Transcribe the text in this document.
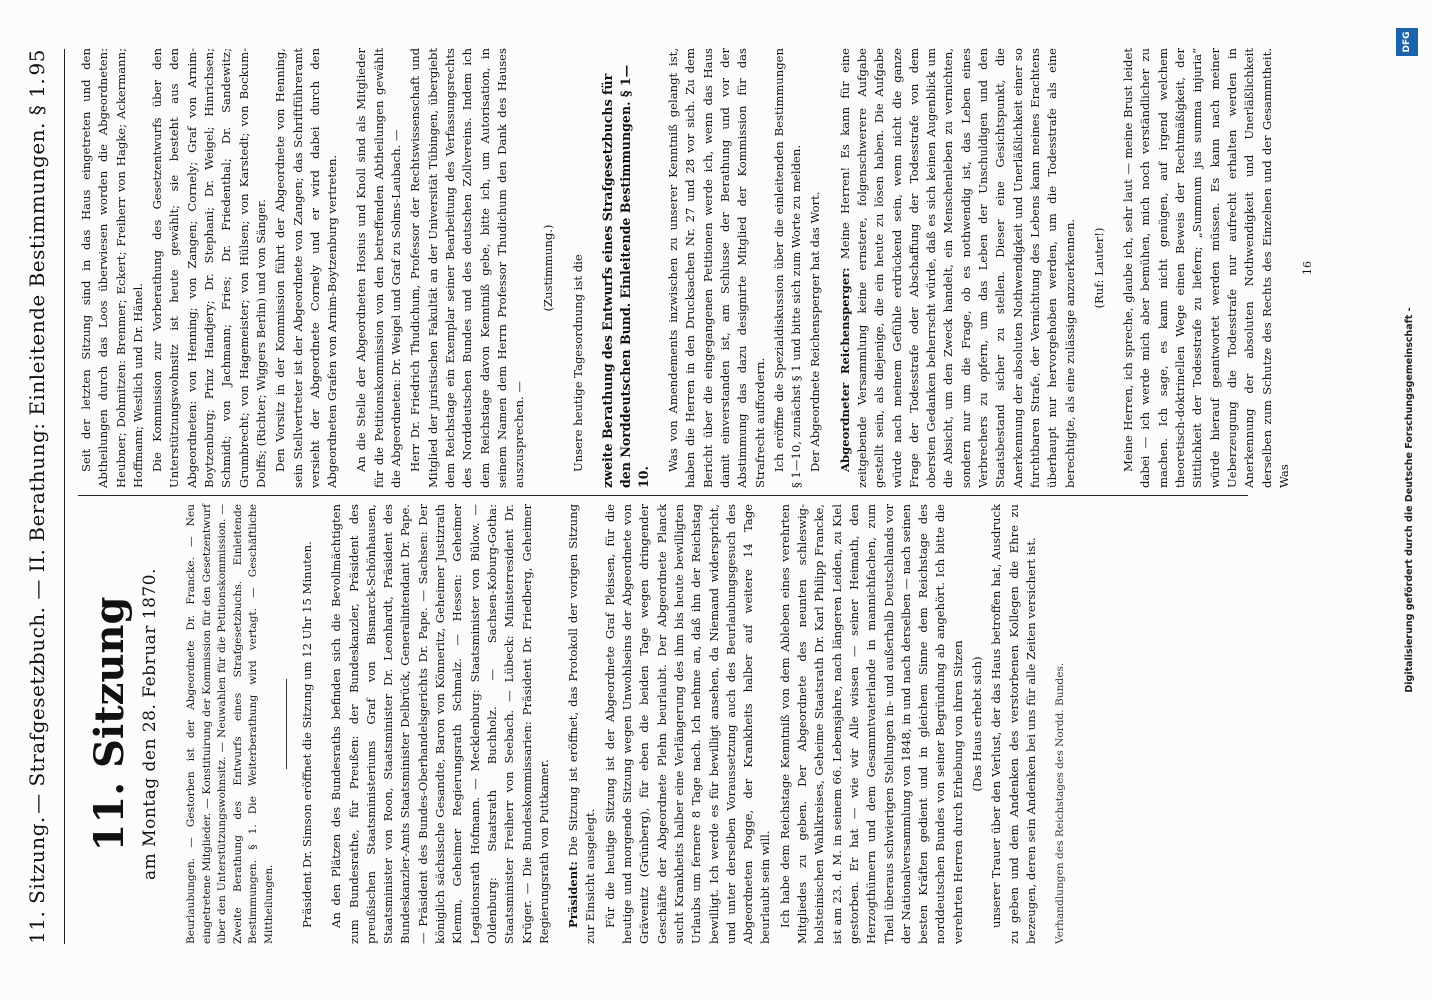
11. Sitzung.
— Strafgesetzbuch. — II. Berathung: Einleitende Bestimmungen. § 1.
95

11. Sitzung am Montag den 28. Februar 1870. Beurlaubungen. — Gestorben ist der Abgeordnete Dr. Francke. — Neu eingetretene Mitglieder. — Konstituirung der Kommission für den Gesetzentwurf über den Unterstützungswohnsitz. — Neuwahlen für die Petitionskommission. — Zweite Berathung des Entwurfs eines Strafgesetzbuchs. Einleitende Bestimmungen. § 1. Die Weiterberathung wird vertagt. — Geschäftliche Mittheilungen. Präsident Dr. Simson eröffnet die Sitzung um 12 Uhr 15 Minuten. An den Plätzen des Bundesraths befinden sich die Bevollmächtigten zum Bundesrathe, für Preußen: der Bundeskanzler, Präsident des preußischen Staatsministeriums Graf von Bismarck-Schönhausen, Staatsminister von Roon, Staatsminister Dr. Leonhardt, Präsident des Bundeskanzler-Amts Staatsminister Delbrück, Generalintendant Dr. Pape. — Präsident des Bundes-Oberhandelsgerichts Dr. Pape. — Sachsen: Der königlich sächsische Gesandte, Baron von Könneritz, Geheimer Justizrath Klemm, Geheimer Regierungsrath Schmalz. — Hessen: Geheimer Legationsrath Hofmann. — Mecklenburg: Staatsminister von Bülow. — Oldenburg: Staatsrath Buchholz. — Sachsen-Koburg-Gotha: Staatsminister Freiherr von Seebach. — Lübeck: Ministerresident Dr. Krüger. — Die Bundeskommissarien: Präsident Dr. Friedberg, Geheimer Regierungsrath von Puttkamer. Präsident: Die Sitzung ist eröffnet, das Protokoll der vorigen Sitzung zur Einsicht ausgelegt. Für die heutige Sitzung ist der Abgeordnete Graf Pleissen, für die heutige und morgende Sitzung wegen Unwohlseins der Abgeordnete von Grävenitz (Grünberg), für eben die beiden Tage wegen dringender Geschäfte der Abgeordnete Plehn beurlaubt. Der Abgeordnete Planck sucht Krankheits halber eine Verlängerung des ihm bis heute bewilligten Urlaubs um fernere 8 Tage nach. Ich nehme an, daß ihn der Reichstag bewilligt. Ich werde es für bewilligt ansehen, da Niemand widerspricht, und unter derselben Voraussetzung auch des Beurlaubungsgesuch des Abgeordneten Pogge, der Krankheits halber auf weitere 14 Tage beurlaubt sein will. Ich habe dem Reichstage Kenntniß von dem Ableben eines verehrten Mitgliedes zu geben. Der Abgeordnete des neunten schleswig-holsteinischen Wahlkreises, Geheime Staatsrath Dr. Karl Philipp Francke, ist am 23. d. M. in seinem 66. Lebensjahre, nach längeren Leiden, zu Kiel gestorben. Er hat — wie wir Alle wissen — seiner Heimath, den Herzogthümern und dem Gesammtvaterlande in mannichfachen, zum Theil überaus schwierigen Stellungen in- und außerhalb Deutschlands vor der Nationalversammlung von 1848, in und nach derselben — nach seinen besten Kräften gedient und in gleichem Sinne dem Reichstage des norddeutschen Bundes von seiner Begründung ab angehört. Ich bitte die verehrten Herren durch Erhebung von ihren Sitzen (Das Haus erhebt sich) unserer Trauer über den Verlust, der das Haus betroffen hat, Ausdruck zu geben und dem Andenken des verstorbenen Kollegen die Ehre zu bezeugen, deren sein Andenken bei uns für alle Zeiten versichert ist. Verhandlungen des Reichstages des Nordd. Bundes.

Seit der letzten Sitzung sind in das Haus eingetreten und den Abtheilungen durch das Loos überwiesen worden die Abgeordneten: Heubner; Dohmitzen: Brenmer; Eckert; Freiherr von Hagke; Ackermann; Hoffmann; Westlich und Dr. Hänel. Die Kommission zur Vorberathung des Gesetzentwurfs über den Unterstützungswohnsitz ist heute gewählt; sie besteht aus den Abgeordneten: von Henning; von Zangen; Cornely; Graf von Arnim-Boytzenburg; Prinz Handjery; Dr. Stephani; Dr. Weigel; Hinrichsen; Schmidt; von Jachmann; Fries; Dr. Friedenthal; Dr. Sandewitz; Grumbrecht; von Hagemeister; von Hülsen; von Karstedt; von Bockum-Dolffs; (Richter; Wiggers Berlin) und von Sänger. Den Vorsitz in der Kommission führt der Abgeordnete von Henning, sein Stellvertreter ist der Abgeordnete von Zangen; das Schriftführeramt versieht der Abgeordnete Cornely und er wird dabei durch den Abgeordneten Grafen von Arnim-Boytzenburg vertreten. An die Stelle der Abgeordneten Hosius und Knoll sind als Mitglieder für die Petitionskommission von den betreffenden Abtheilungen gewählt die Abgeordneten: Dr. Weigel und Graf zu Solms-Laubach. — Herr Dr. Friedrich Thudichum, Professor der Rechtswissenschaft und Mitglied der juristischen Fakultät an der Universität Tübingen, übergiebt dem Reichstage ein Exemplar seiner Bearbeitung des Verfassungsrechts des Norddeutschen Bundes und des deutschen Zollvereins. Indem ich dem Reichstage davon Kenntniß gebe, bitte ich, um Autorisation, in seinem Namen dem Herrn Professor Thudichum den Dank des Hauses auszusprechen. —

(Zustimmung.) Unsere heutige Tagesordnung ist die zweite Berathung des Entwurfs eines Strafgesetzbuchs für den Norddeutschen Bund. Einleitende Bestimmungen. § 1—10.

Was von Amendements inzwischen zu unserer Kenntniß gelangt ist, haben die Herren in den Drucksachen Nr. 27 und 28 vor sich. Zu dem Bericht über die eingegangenen Petitionen werde ich, wenn das Haus damit einverstanden ist, am Schlusse der Berathung und vor der Abstimmung das dazu designirte Mitglied der Kommission für das Strafrecht auffordern. Ich eröffne die Spezialdiskussion über die einleitenden Bestimmungen § 1—10, zunächst § 1 und bitte sich zum Worte zu melden. Der Abgeordnete Reichensperger hat das Wort. Abgeordneter Reichensperger: Meine Herren! Es kann für eine zeitgebende Versammlung keine ernstere, folgenschwerere Aufgabe gestellt sein, als diejenige, die ein heute zu lösen haben. Die Aufgabe würde nach meinem Gefühle erdrückend sein, wenn nicht die ganze Frage der Todesstrafe oder Abschaffung der Todesstrafe von dem obersten Gedanken beherrscht würde, daß es sich keinen Augenblick um die Absicht, um den Zweck handelt, ein Menschenleben zu vernichten, sondern nur um die Frage, ob es nothwendig ist, das Leben eines Verbrechers zu opfern, um das Leben der Unschuldigen und den Staatsbestand sicher zu stellen. Dieser eine Gesichtspunkt, die Anerkennung der absoluten Nothwendigkeit und Unerläßlichkeit einer so furchtbaren Strafe, der Vernichtung des Lebens kann meines Erachtens überhaupt nur hervorgehoben werden, um die Todesstrafe als eine berechtigte, als eine zulässige anzuerkennen. (Ruf: Lauter!) Meine Herren, ich spreche, glaube ich, sehr laut — meine Brust leidet dabei — ich werde mich aber bemühen, mich noch verständlicher zu machen. Ich sage, es kann nicht genügen, auf irgend welchem theoretisch-doktrinellen Wege einen Beweis der Rechtmäßigkeit, der Sittlichkeit der Todesstrafe zu liefern; „Summum jus summa injuria“ würde hierauf geantwortet werden müssen. Es kann nach meiner Ueberzeugung die Todesstrafe nur aufrecht erhalten werden in Anerkennung der absoluten Nothwendigkeit und Unerläßlichkeit derselben zum Schutze des Rechts des Einzelnen und der Gesammtheit. Was

16

Digitalisierung gefördert durch die Deutsche Forschungsgemeinschaft -
DFG
